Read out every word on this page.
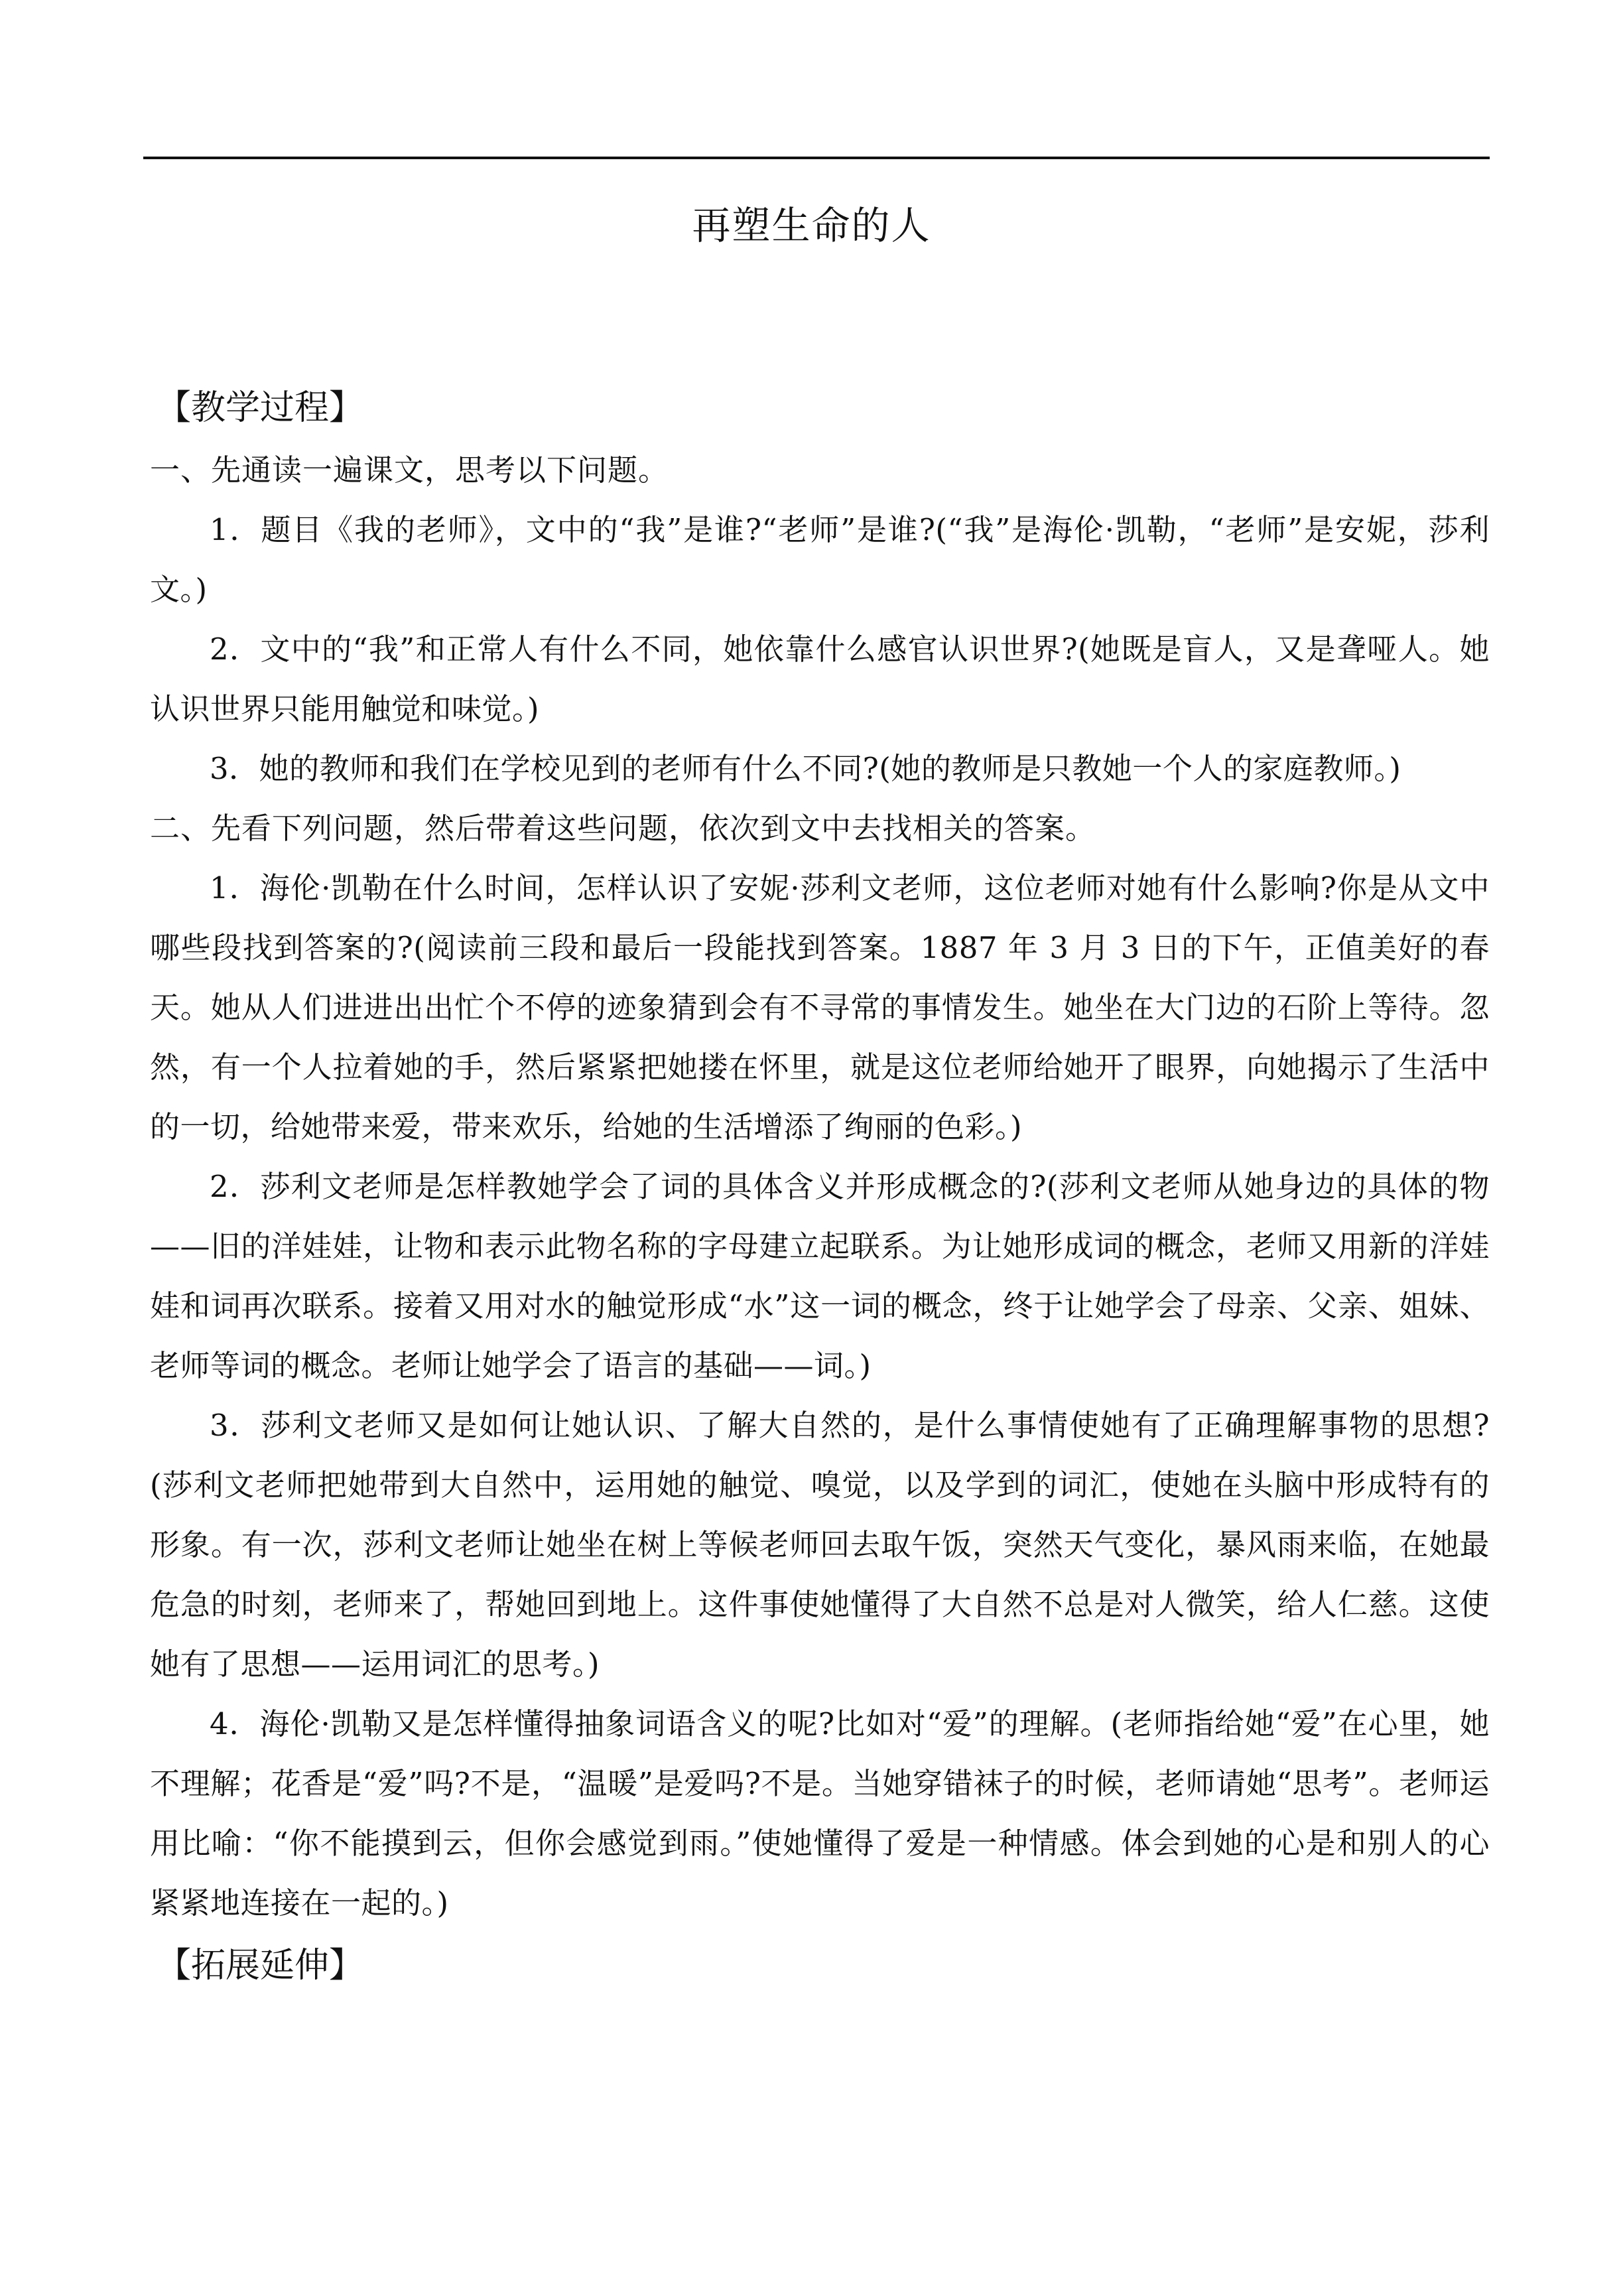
再塑生命的人
【教学过程】
一、先通读一遍课文，思考以下问题。
1．题目《我的老师》，文中的“我”是谁?“老师”是谁?(“我”是海伦·凯勒，“老师”是安妮，莎利文。)
2．文中的“我”和正常人有什么不同，她依靠什么感官认识世界?(她既是盲人，又是聋哑人。她认识世界只能用触觉和味觉。)
3．她的教师和我们在学校见到的老师有什么不同?(她的教师是只教她一个人的家庭教师。)
二、先看下列问题，然后带着这些问题，依次到文中去找相关的答案。
1．海伦·凯勒在什么时间，怎样认识了安妮·莎利文老师，这位老师对她有什么影响?你是从文中哪些段找到答案的?(阅读前三段和最后一段能找到答案。1887 年 3 月 3 日的下午，正值美好的春天。她从人们进进出出忙个不停的迹象猜到会有不寻常的事情发生。她坐在大门边的石阶上等待。忽然，有一个人拉着她的手，然后紧紧把她搂在怀里，就是这位老师给她开了眼界，向她揭示了生活中的一切，给她带来爱，带来欢乐，给她的生活增添了绚丽的色彩。)
2．莎利文老师是怎样教她学会了词的具体含义并形成概念的?(莎利文老师从她身边的具体的物——旧的洋娃娃，让物和表示此物名称的字母建立起联系。为让她形成词的概念，老师又用新的洋娃娃和词再次联系。接着又用对水的触觉形成“水”这一词的概念，终于让她学会了母亲、父亲、姐妹、老师等词的概念。老师让她学会了语言的基础——词。)
3．莎利文老师又是如何让她认识、了解大自然的，是什么事情使她有了正确理解事物的思想?(莎利文老师把她带到大自然中，运用她的触觉、嗅觉，以及学到的词汇，使她在头脑中形成特有的形象。有一次，莎利文老师让她坐在树上等候老师回去取午饭，突然天气变化，暴风雨来临，在她最危急的时刻，老师来了，帮她回到地上。这件事使她懂得了大自然不总是对人微笑，给人仁慈。这使她有了思想——运用词汇的思考。)
4．海伦·凯勒又是怎样懂得抽象词语含义的呢?比如对“爱”的理解。(老师指给她“爱”在心里，她不理解；花香是“爱”吗?不是，“温暖”是爱吗?不是。当她穿错袜子的时候，老师请她“思考”。老师运用比喻：“你不能摸到云，但你会感觉到雨。”使她懂得了爱是一种情感。体会到她的心是和别人的心紧紧地连接在一起的。)
【拓展延伸】
